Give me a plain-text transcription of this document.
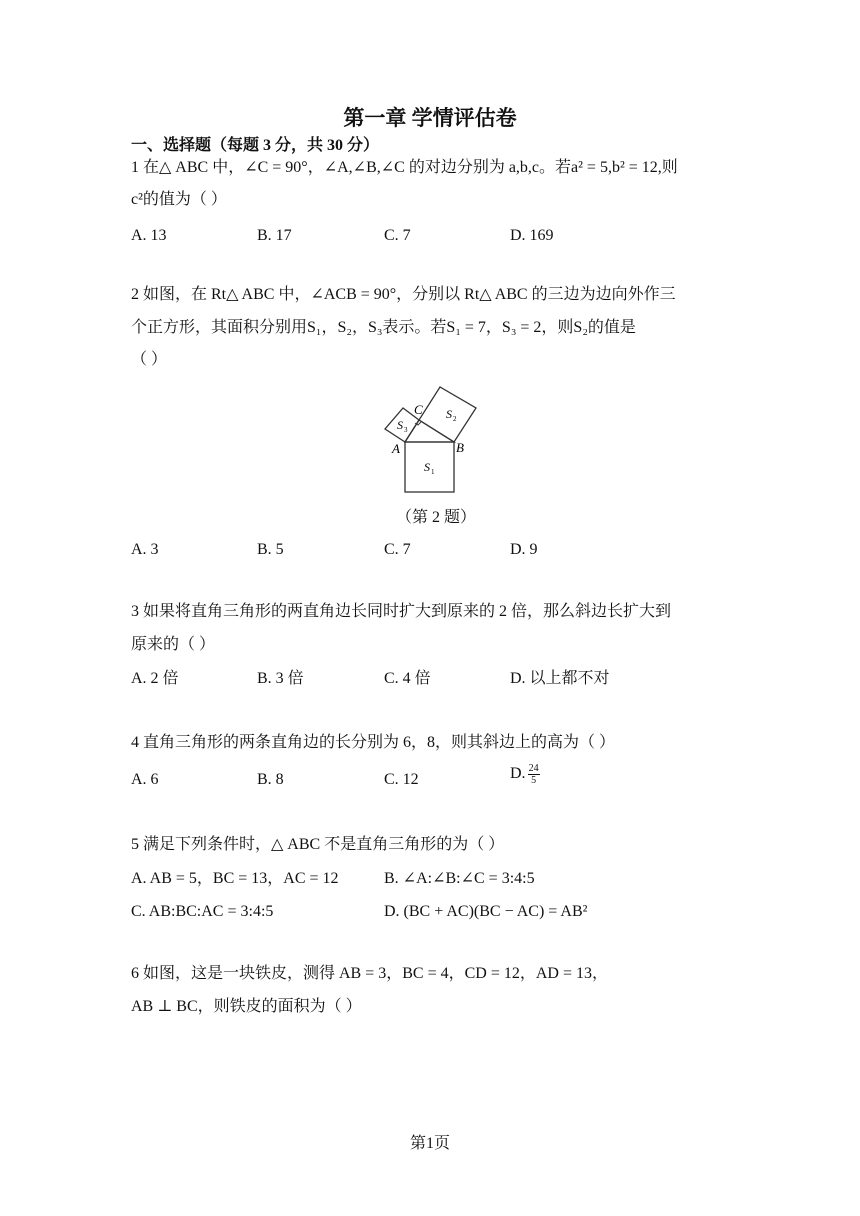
第一章 学情评估卷
一、选择题（每题 3 分，共 30 分）
1 在△ ABC 中，∠C = 90°，∠A,∠B,∠C 的对边分别为 a,b,c。若a² = 5,b² = 12,则
c²的值为（ ）
A. 13	B. 17	C. 7	D. 169
2 如图，在 Rt△ ABC 中，∠ACB = 90°，分别以 Rt△ ABC 的三边为边向外作三
个正方形，其面积分别用S₁，S₂，S₃表示。若S₁ = 7，S₃ = 2，则S₂的值是
（ ）
A	B
C
S 1
S 2
S 3
（第 2 题）
A. 3	B. 5	C. 7	D. 9
3 如果将直角三角形的两直角边长同时扩大到原来的 2 倍，那么斜边长扩大到
原来的（ ）
A. 2 倍	B. 3 倍	C. 4 倍	D. 以上都不对
4 直角三角形的两条直角边的长分别为 6，8，则其斜边上的高为（ ）
A. 6	B. 8	C. 12	D. $\frac{24}{5}$
5 满足下列条件时，△ ABC 不是直角三角形的为（ ）
A. AB = 5，BC = 13，AC = 12	B. ∠A:∠B:∠C = 3:4:5
C. AB:BC:AC = 3:4:5	D. (BC + AC)(BC − AC) = AB²
6 如图，这是一块铁皮，测得 AB = 3，BC = 4，CD = 12，AD = 13，
AB ⊥ BC，则铁皮的面积为（ ）
第1页
